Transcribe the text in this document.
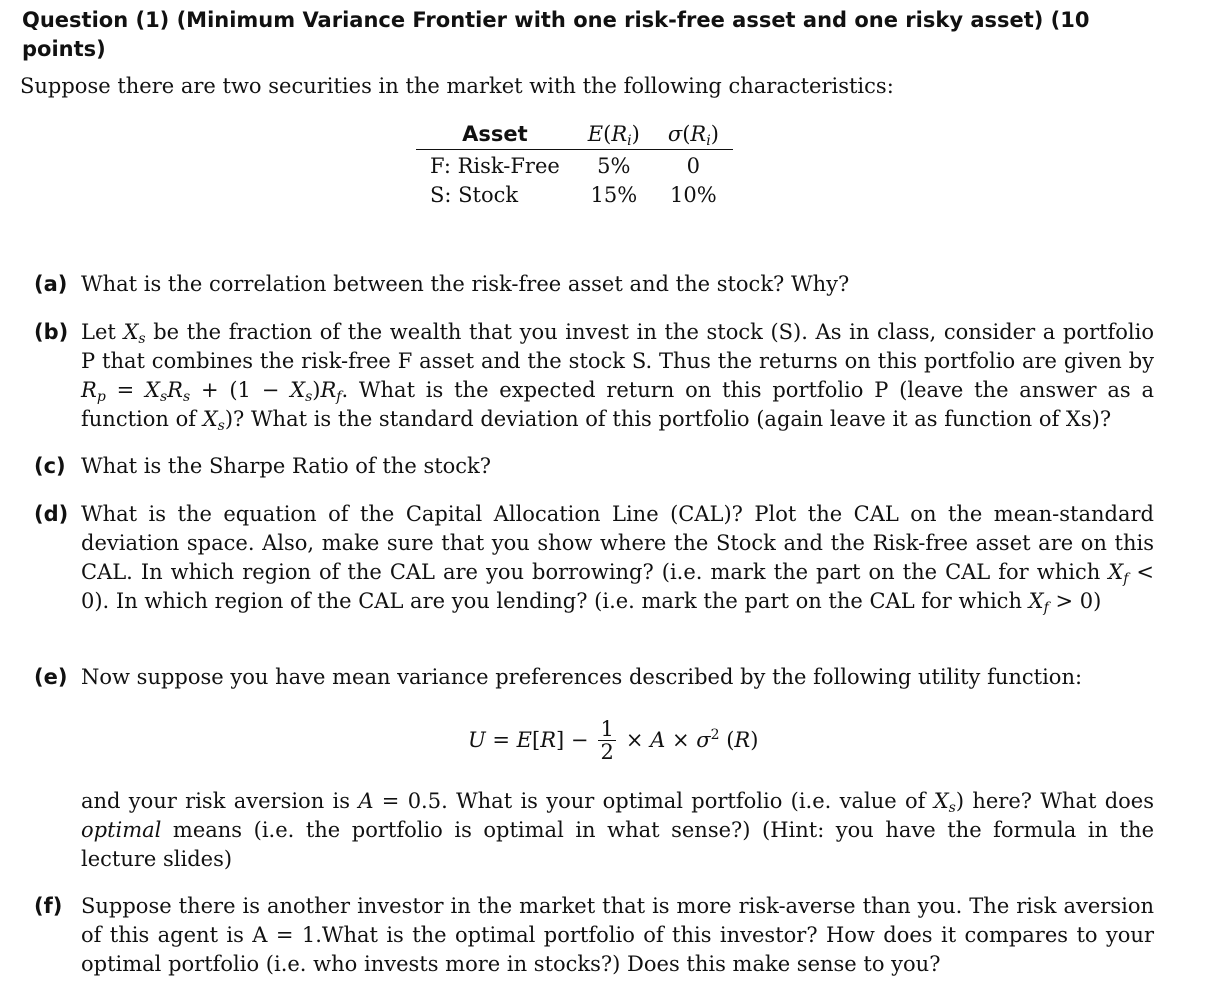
Question (1) (Minimum Variance Frontier with one risk-free asset and one risky asset) (10 points)
Suppose there are two securities in the market with the following characteristics:
Asset	$E(R_i)$	$\sigma(R_i)$
F: Risk-Free	5%	0
S: Stock	15%	10%
(a) What is the correlation between the risk-free asset and the stock? Why?
(b) Let $X_s$ be the fraction of the wealth that you invest in the stock (S). As in class, consider a portfolio P that combines the risk-free F asset and the stock S. Thus the returns on this portfolio are given by $R_p = X_sR_s + (1 - X_s)R_f$. What is the expected return on this portfolio P (leave the answer as a function of $X_s$)? What is the standard deviation of this portfolio (again leave it as function of Xs)?
(c) What is the Sharpe Ratio of the stock?
(d) What is the equation of the Capital Allocation Line (CAL)? Plot the CAL on the mean-standard deviation space. Also, make sure that you show where the Stock and the Risk-free asset are on this CAL. In which region of the CAL are you borrowing? (i.e. mark the part on the CAL for which $X_f < 0$). In which region of the CAL are you lending? (i.e. mark the part on the CAL for which $X_f > 0$)
(e) Now suppose you have mean variance preferences described by the following utility function:
$U = E[R] - \frac{1}{2} \times A \times \sigma^2$ (R)
and your risk aversion is A = 0.5. What is your optimal portfolio (i.e. value of $X_s$) here? What does optimal means (i.e. the portfolio is optimal in what sense?) (Hint: you have the formula in the lecture slides)
(f) Suppose there is another investor in the market that is more risk-averse than you. The risk aversion of this agent is A = 1.What is the optimal portfolio of this investor? How does it compares to your optimal portfolio (i.e. who invests more in stocks?) Does this make sense to you?
